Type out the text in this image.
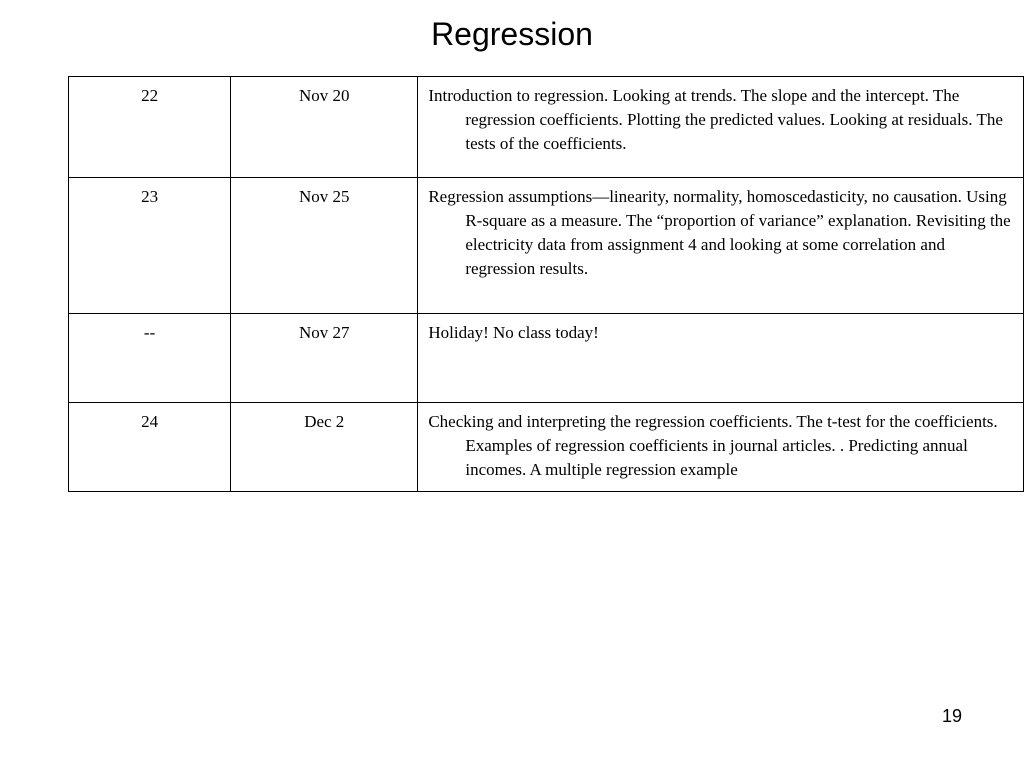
Regression
22	Nov 20	Introduction to regression. Looking at trends. The slope and the intercept. The regression coefficients. Plotting the predicted values. Looking at residuals. The tests of the coefficients.

23	Nov 25	Regression assumptions—linearity, normality, homoscedasticity, no causation. Using R-square as a measure. The “proportion of variance” explanation. Revisiting the electricity data from assignment 4 and looking at some correlation and regression results.

--	Nov 27	Holiday! No class today!

24	Dec 2	Checking and interpreting the regression coefficients. The t-test for the coefficients. Examples of regression coefficients in journal articles. . Predicting annual incomes. A multiple regression example
19
